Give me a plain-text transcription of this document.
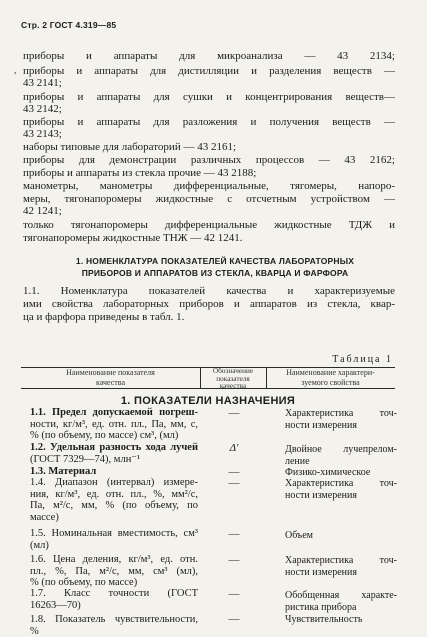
Стр. 2 ГОСТ 4.319—85
приборы и аппараты для микроанализа — 43 2134;
приборы и аппараты для дистилляции и разделения веществ —
43 2141;
приборы и аппараты для сушки и концентрирования веществ—
43 2142;
приборы и аппараты для разложения и получения веществ —
43 2143;
наборы типовые для лабораторий — 43 2161;
приборы для демонстрации различных процессов — 43 2162;
приборы и аппараты из стекла прочие — 43 2188;
манометры, манометры дифференциальные, тягомеры, напоро-
меры, тягонапоромеры жидкостные с отсчетным устройством —
42 1241;
только тягонапоромеры дифференциальные жидкостные ТДЖ и
тягонапоромеры жидкостные ТНЖ — 42 1241.
,
1. НОМЕНКЛАТУРА ПОКАЗАТЕЛЕЙ КАЧЕСТВА ЛАБОРАТОРНЫХ
ПРИБОРОВ И АППАРАТОВ ИЗ СТЕКЛА, КВАРЦА И ФАРФОРА
1.1. Номенклатура показателей качества и характеризуемые
ими свойства лабораторных приборов и аппаратов из стекла, квар-
ца и фарфора приведены в табл. 1.
Таблица 1
Наименование показателя
качества
Обозначение
показателя
качества
Наименование характери-
зуемого свойства
1. ПОКАЗАТЕЛИ НАЗНАЧЕНИЯ
1.1. Предел допускаемой погреш-
ности, кг/м³, ед. отн. пл., Па, мм, с,
% (по объему, по массе) см³, (мл)
—	Характеристика точ-
ности измерения
1.2. Удельная разность хода лучей
(ГОСТ 7329—74), млн⁻¹
Δ′	Двойное лучепрелом-
ление
1.3. Материал	—	Физико-химическое
1.4. Диапазон (интервал) измере-
ния, кг/м³, ед. отн. пл., %, мм²/с,
Па, м²/с, мм, % (по объему, по
массе)
—	Характеристика точ-
ности измерения
1.5. Номинальная вместимость, см³
(мл)
—	Объем
1.6. Цена деления, кг/м³, ед. отн.
пл., %, Па, м²/с, мм, см³ (мл),
% (по объему, по массе)
—	Характеристика точ-
ности измерения
1.7. Класс точности (ГОСТ
16263—70)
—	Обобщенная характе-
ристика прибора
1.8. Показатель чувствительности,
%
—	Чувствительность
